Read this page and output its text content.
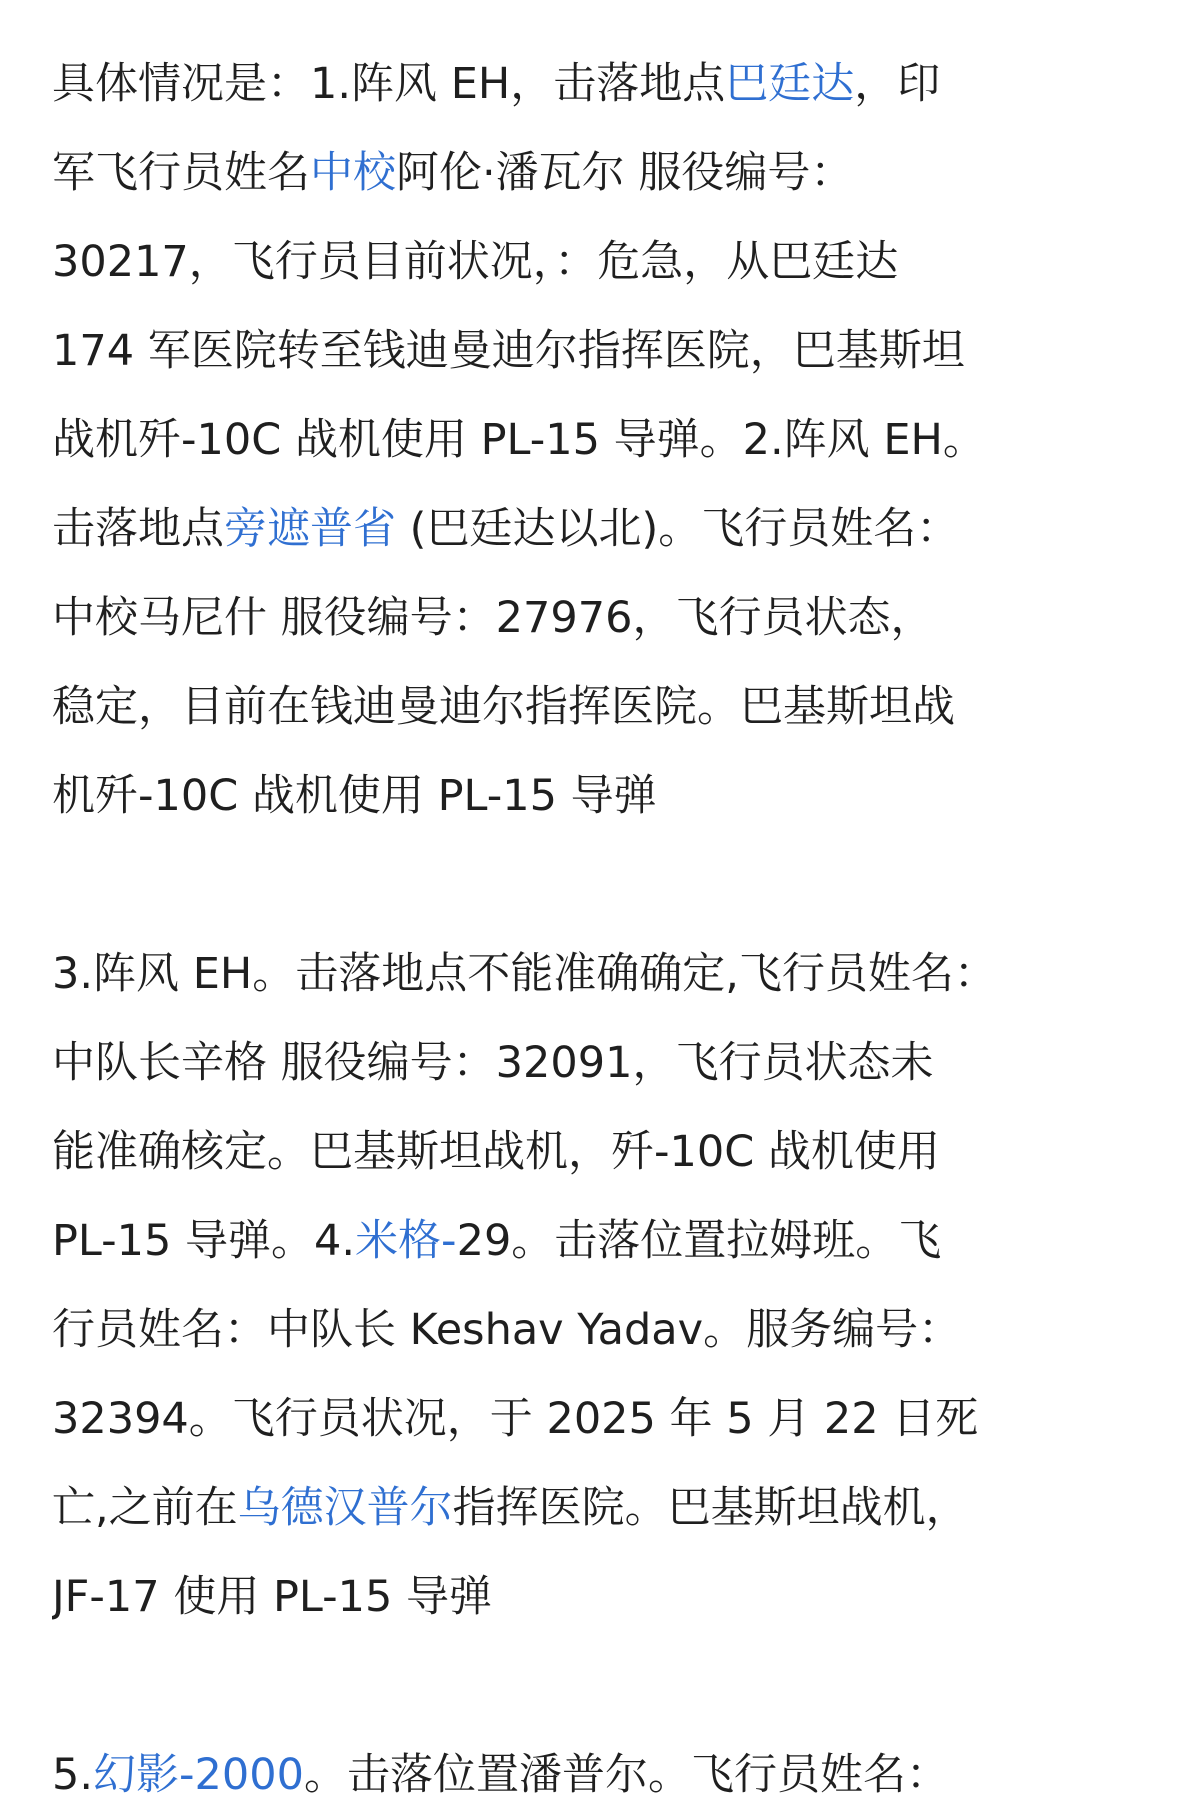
具体情况是：1.阵风 EH，击落地点巴廷达，印
军飞行员姓名中校阿伦·潘瓦尔 服役编号：
30217，飞行员目前状况，：危急，从巴廷达
174 军医院转至钱迪曼迪尔指挥医院，巴基斯坦
战机歼-10C 战机使用 PL-15 导弹。2.阵风 EH。
击落地点旁遮普省 (巴廷达以北)。飞行员姓名：
中校马尼什 服役编号：27976，飞行员状态，
稳定，目前在钱迪曼迪尔指挥医院。巴基斯坦战
机歼-10C 战机使用 PL-15 导弹
3.阵风 EH。击落地点不能准确确定,飞行员姓名：
中队长辛格 服役编号：32091，飞行员状态未
能准确核定。巴基斯坦战机，歼-10C 战机使用
PL-15 导弹。4.米格-29。击落位置拉姆班。飞
行员姓名：中队长 Keshav Yadav。服务编号：
32394。飞行员状况，于 2025 年 5 月 22 日死
亡,之前在乌德汉普尔指挥医院。巴基斯坦战机，
JF-17 使用 PL-15 导弹
5.幻影-2000。击落位置潘普尔。飞行员姓名：
